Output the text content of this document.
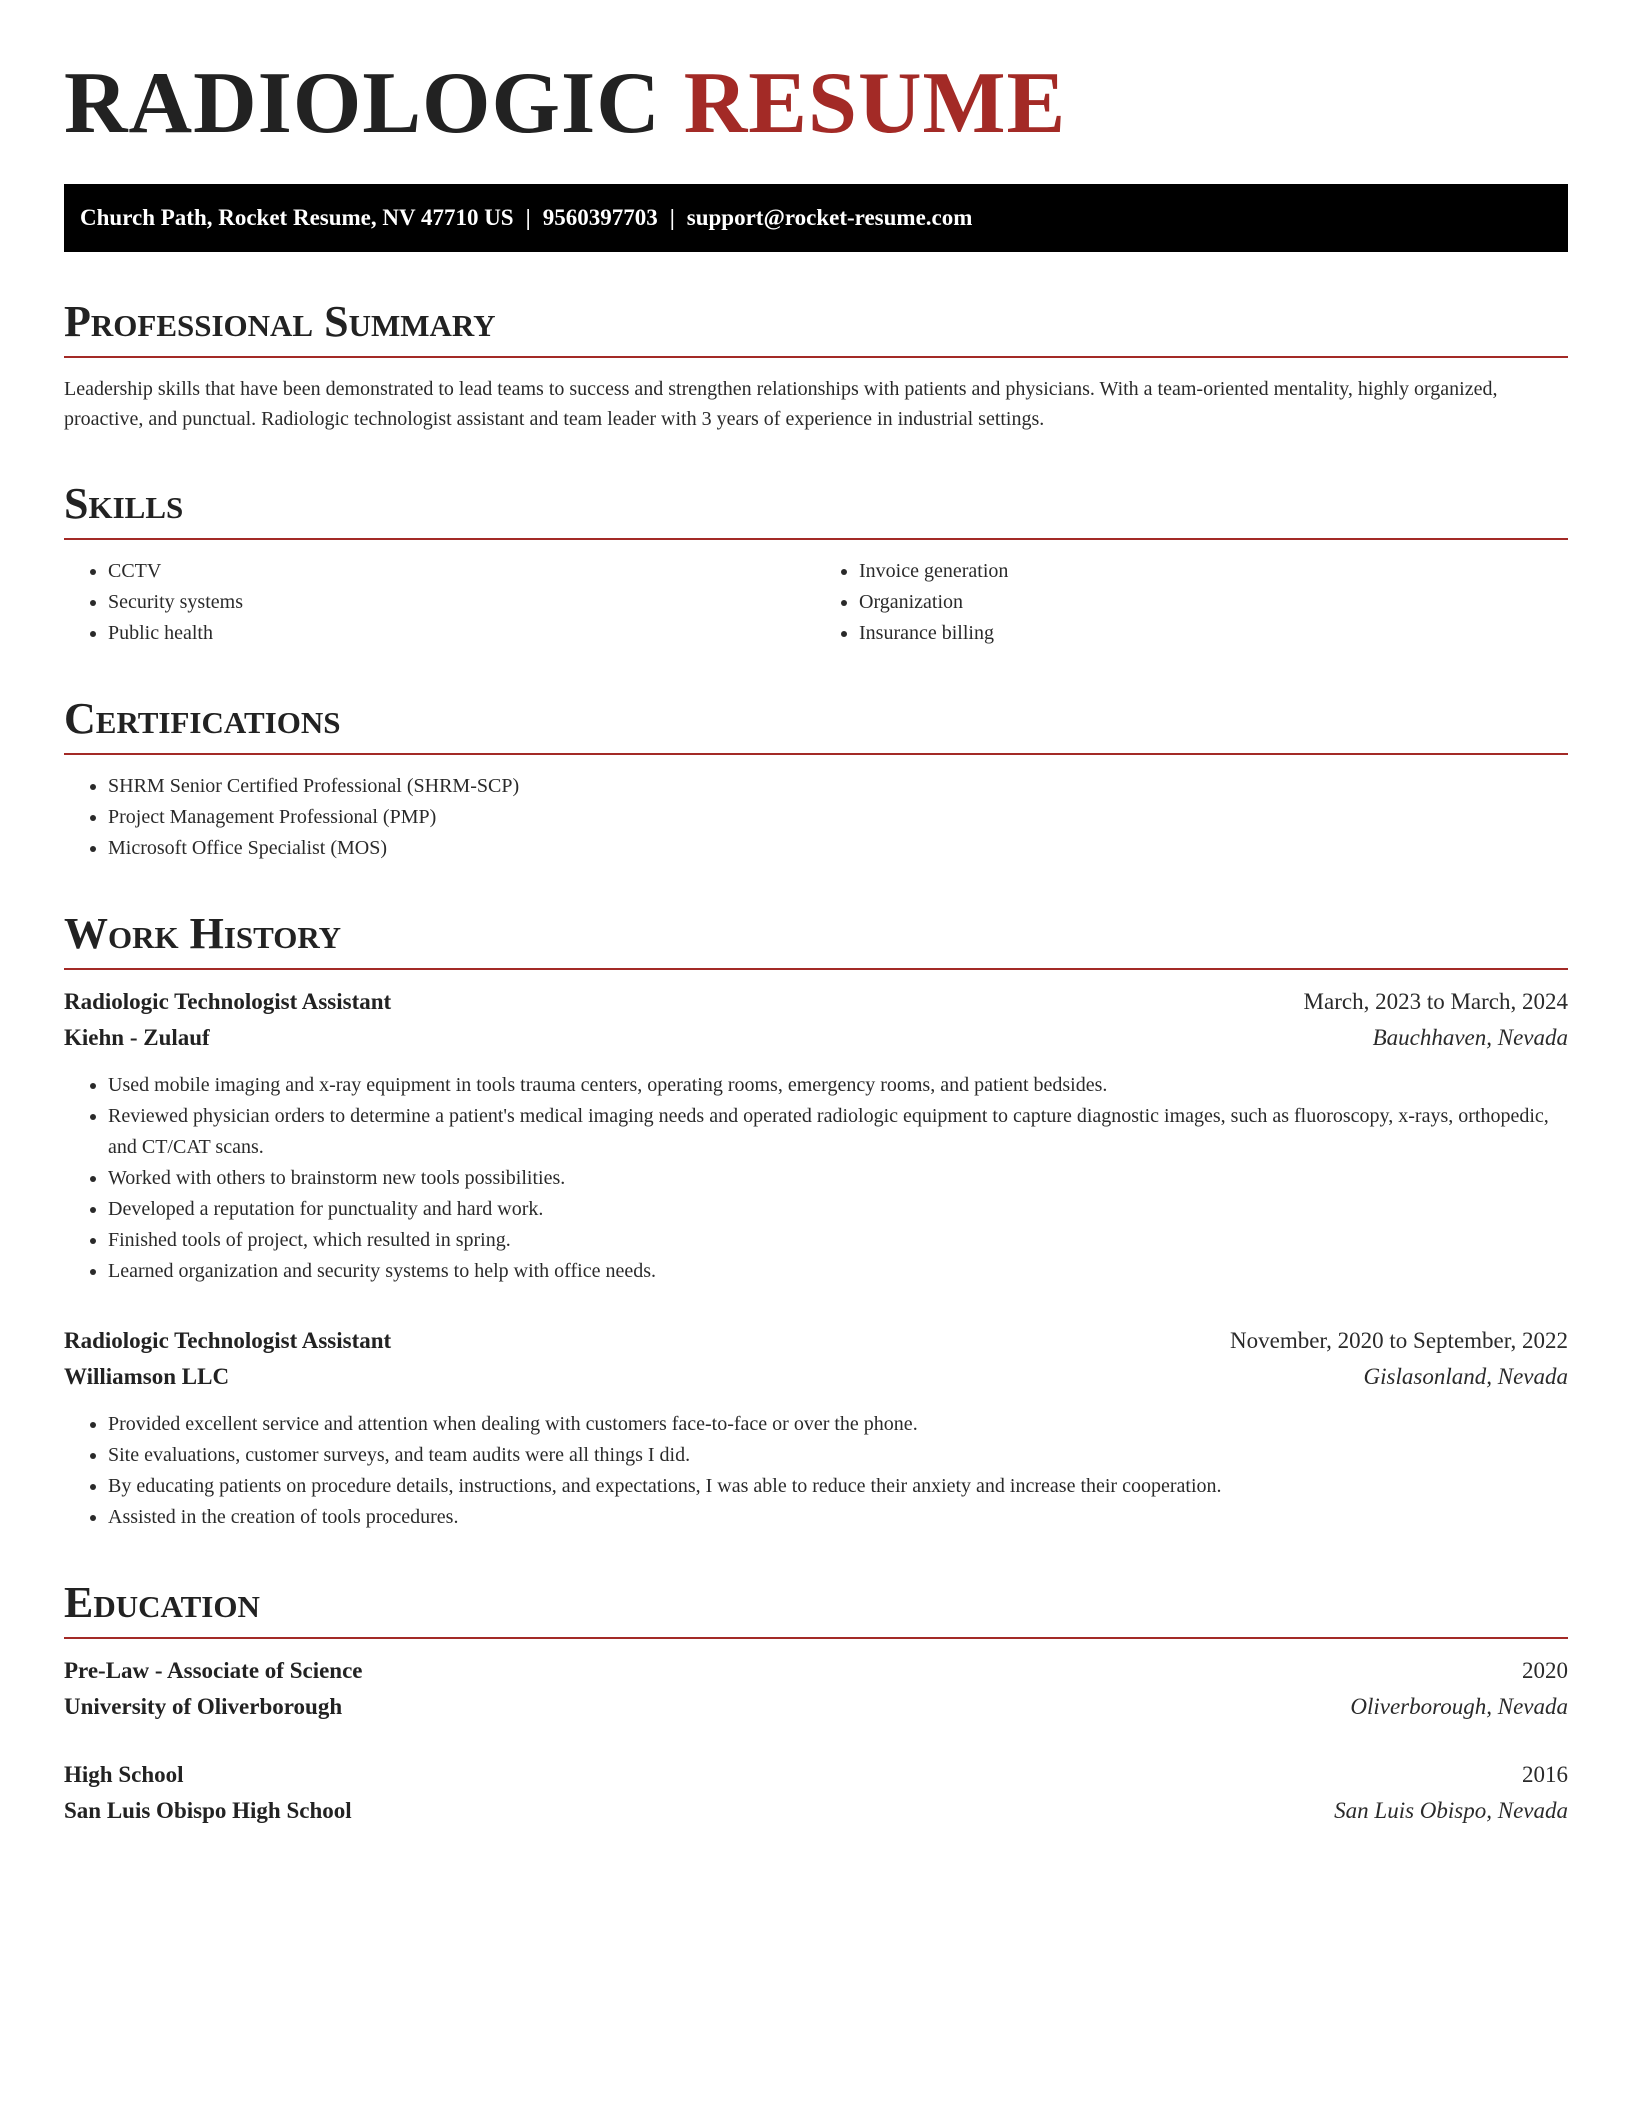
RADIOLOGIC RESUME
Church Path, Rocket Resume, NV 47710 US | 9560397703 | support@rocket-resume.com
Professional Summary

Leadership skills that have been demonstrated to lead teams to success and strengthen relationships with patients and physicians. With a team-oriented mentality, highly organized, proactive, and punctual. Radiologic technologist assistant and team leader with 3 years of experience in industrial settings.

Skills
• CCTV
• Security systems
• Public health
• Invoice generation
• Organization
• Insurance billing
Certifications
• SHRM Senior Certified Professional (SHRM-SCP)
• Project Management Professional (PMP)
• Microsoft Office Specialist (MOS)
Work History
Radiologic Technologist Assistant	March, 2023 to March, 2024
Kiehn - Zulauf	Bauchhaven, Nevada
• Used mobile imaging and x-ray equipment in tools trauma centers, operating rooms, emergency rooms, and patient bedsides.
• Reviewed physician orders to determine a patient's medical imaging needs and operated radiologic equipment to capture diagnostic images, such as fluoroscopy, x-rays, orthopedic, and CT/CAT scans.
• Worked with others to brainstorm new tools possibilities.
• Developed a reputation for punctuality and hard work.
• Finished tools of project, which resulted in spring.
• Learned organization and security systems to help with office needs.
Radiologic Technologist Assistant	November, 2020 to September, 2022
Williamson LLC	Gislasonland, Nevada
• Provided excellent service and attention when dealing with customers face-to-face or over the phone.
• Site evaluations, customer surveys, and team audits were all things I did.
• By educating patients on procedure details, instructions, and expectations, I was able to reduce their anxiety and increase their cooperation.
• Assisted in the creation of tools procedures.
Education
Pre-Law - Associate of Science	2020
University of Oliverborough	Oliverborough, Nevada
High School	2016
San Luis Obispo High School	San Luis Obispo, Nevada
